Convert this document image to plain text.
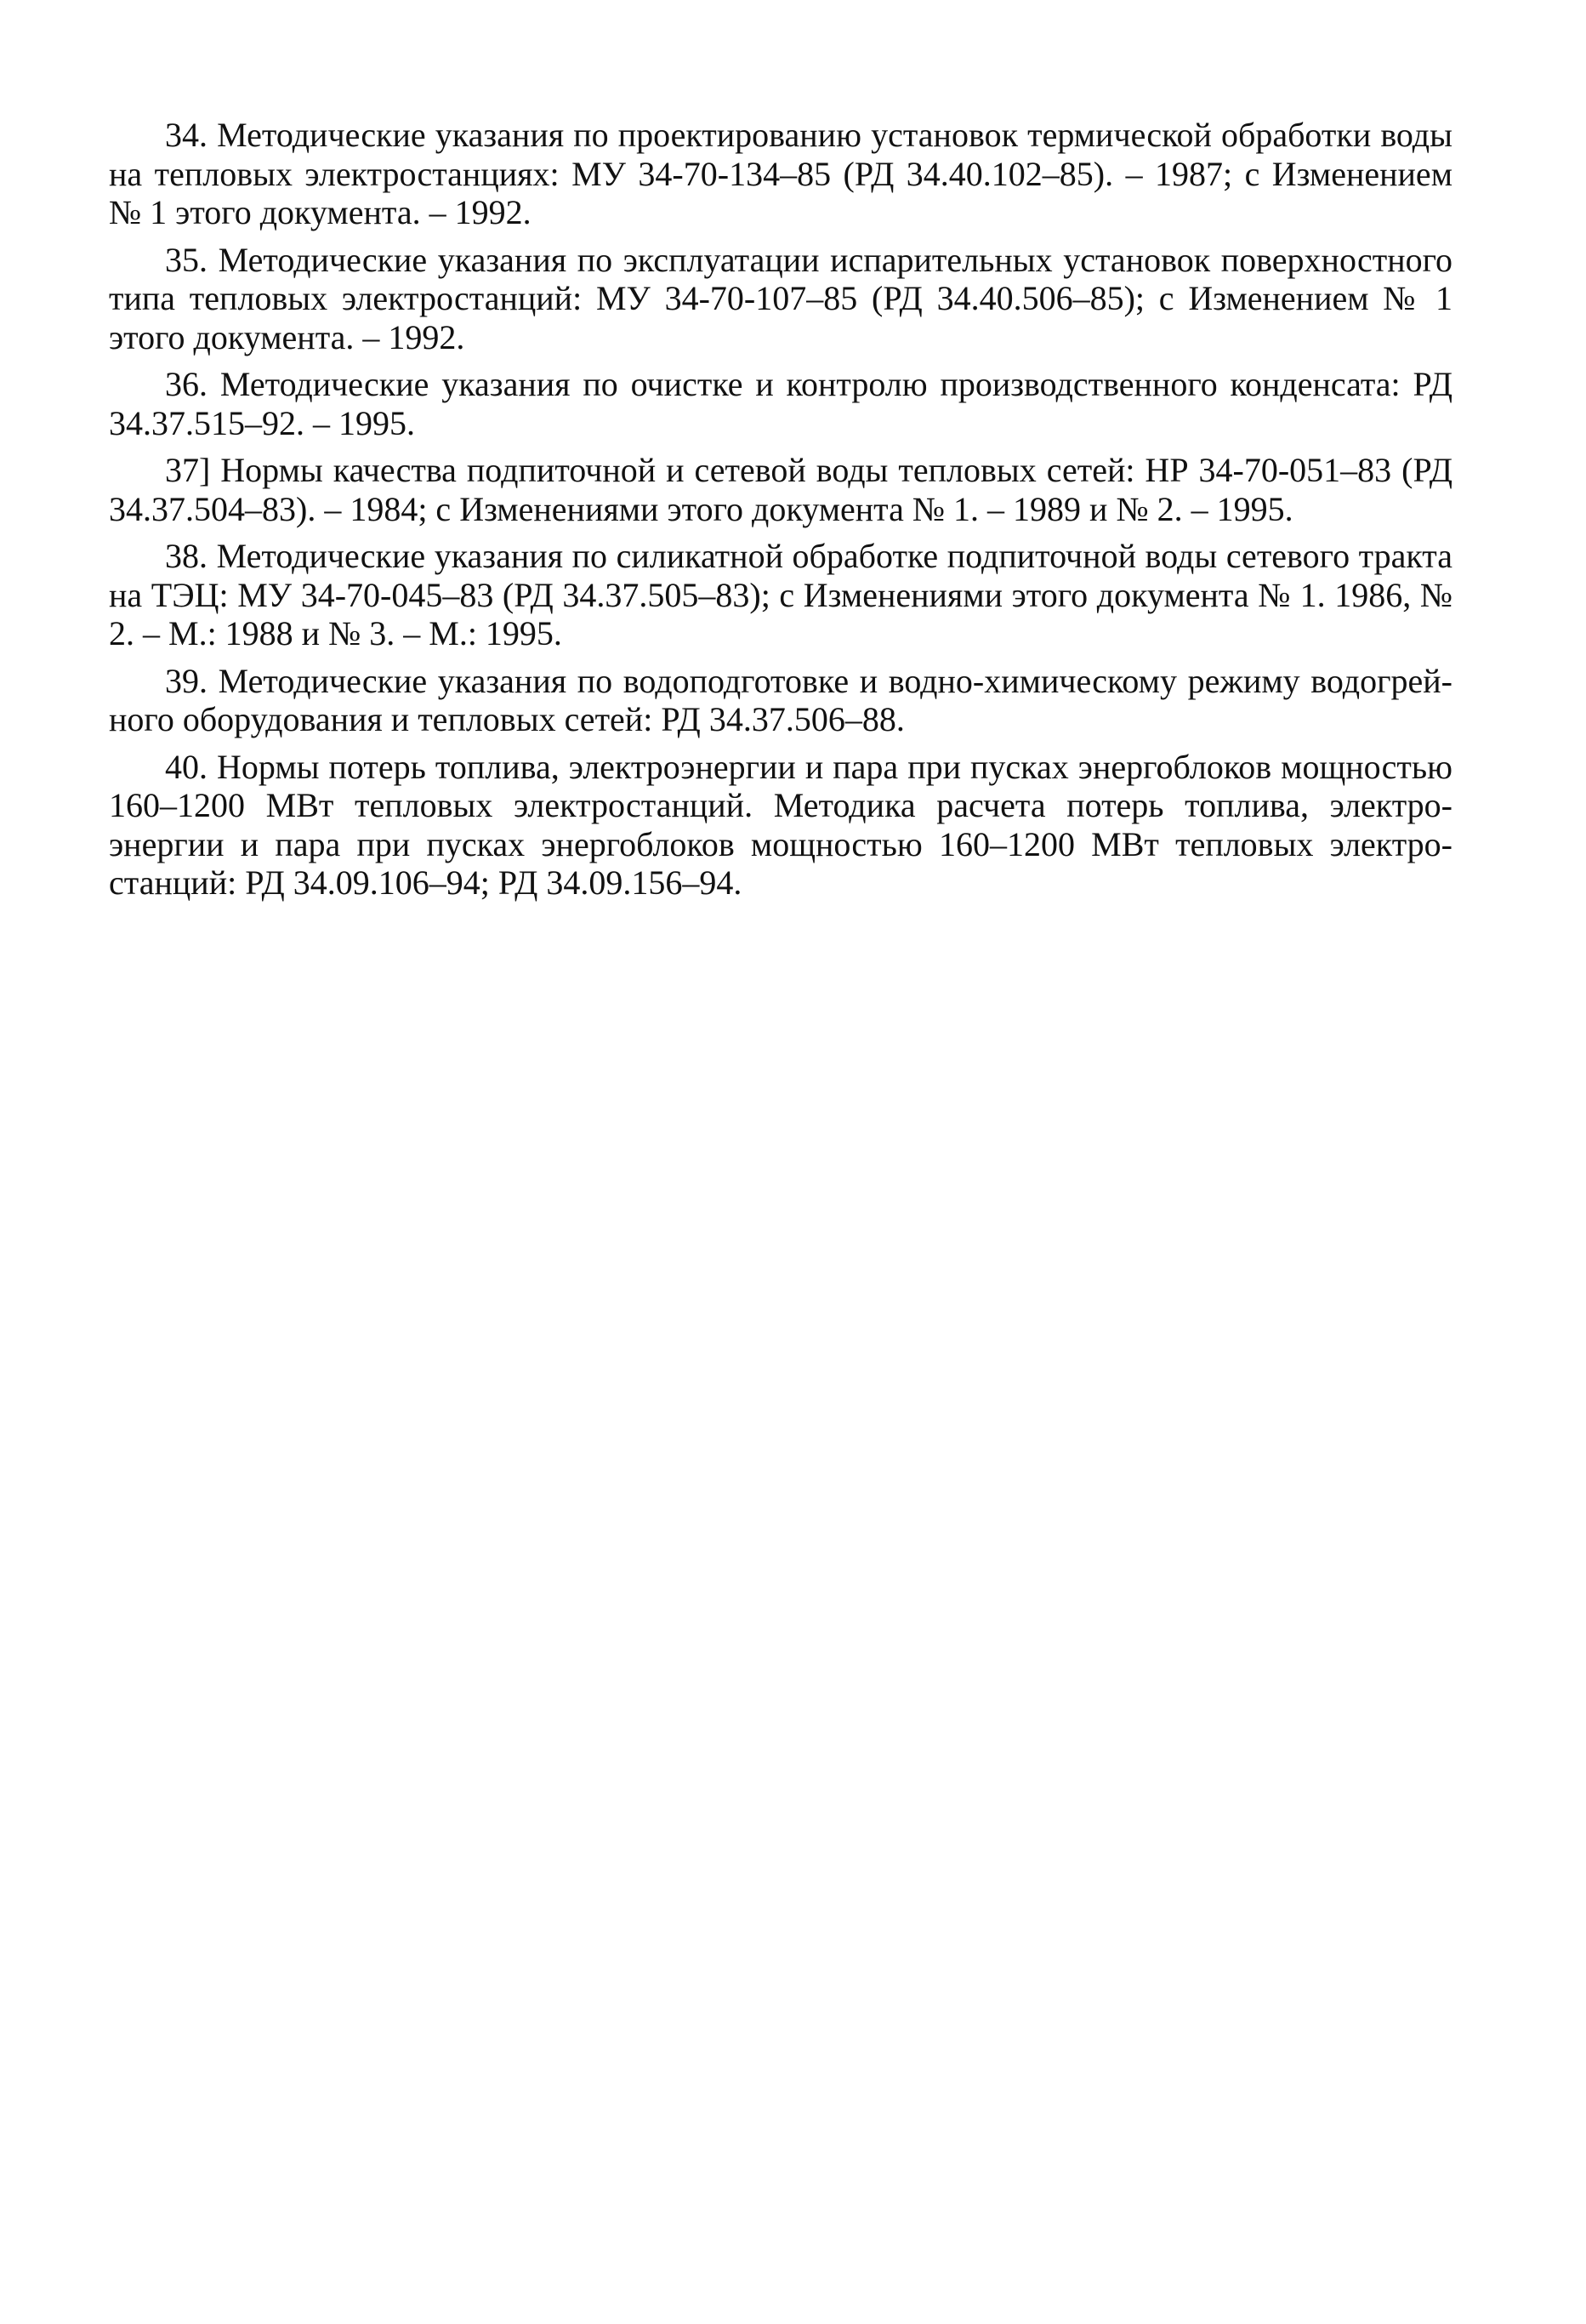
34. Методические указания по проектированию установок термической обработки воды на тепловых электростанциях: МУ 34-70-134–85 (РД 34.40.102–85). – 1987; с Изменением № 1 этого документа. – 1992.

35. Методические указания по эксплуатации испарительных установок поверхностного типа тепловых электростанций: МУ 34-70-107–85 (РД 34.40.506–85); с Изменением № 1 этого документа. – 1992.

36. Методические указания по очистке и контролю производственного конденсата: РД 34.37.515–92. – 1995.

37] Нормы качества подпиточной и сетевой воды тепловых сетей: НР 34-70-051–83 (РД 34.37.504–83). – 1984; с Изменениями этого документа № 1. – 1989 и № 2. – 1995.

38. Методические указания по силикатной обработке подпиточной воды сетевого тракта на ТЭЦ: МУ 34-70-045–83 (РД 34.37.505–83); с Изменениями этого документа № 1. 1986, № 2. – М.: 1988 и № 3. – М.: 1995.

39. Методические указания по водоподготовке и водно-химическому режиму водогрейного оборудования и тепловых сетей: РД 34.37.506–88.

40. Нормы потерь топлива, электроэнергии и пара при пусках энергоблоков мощностью 160–1200 МВт тепловых электростанций. Методика расчета потерь топлива, электроэнергии и пара при пусках энергоблоков мощностью 160–1200 МВт тепловых электростанций: РД 34.09.106–94; РД 34.09.156–94.
